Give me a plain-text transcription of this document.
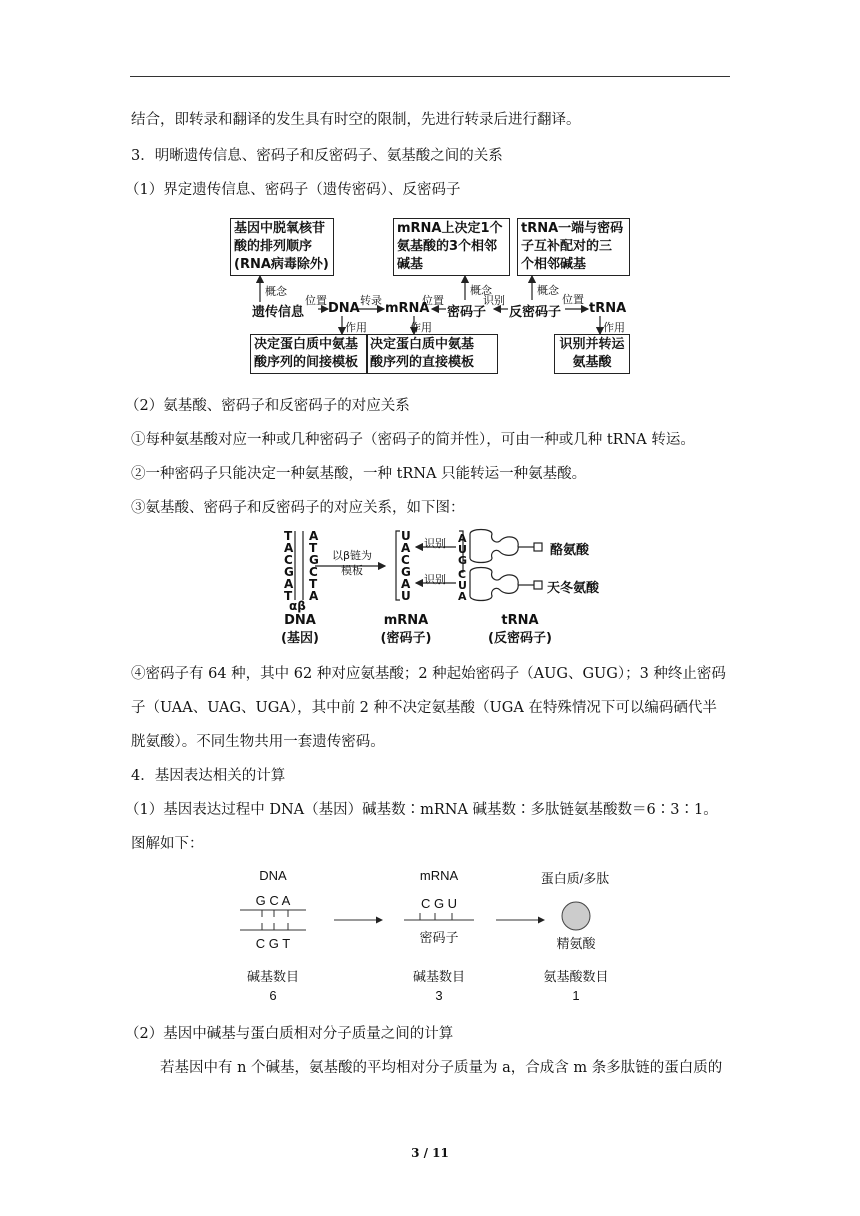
结合，即转录和翻译的发生具有时空的限制，先进行转录后进行翻译。
3．明晰遗传信息、密码子和反密码子、氨基酸之间的关系
（1）界定遗传信息、密码子（遗传密码）、反密码子
基因中脱氧核苷
酸的排列顺序
(RNA病毒除外)
mRNA上决定1个
氨基酸的3个相邻
碱基
tRNA一端与密码
子互补配对的三
个相邻碱基
概念
位置	转录	位置
概念
识别
概念
位置
作用	作用	作用
遗传信息 DNA mRNA 密码子 反密码子 tRNA
决定蛋白质中氨基
酸序列的间接模板
决定蛋白质中氨基
酸序列的直接模板
识别并转运
氨基酸
（2）氨基酸、密码子和反密码子的对应关系
①每种氨基酸对应一种或几种密码子（密码子的简并性），可由一种或几种 tRNA 转运。
②一种密码子只能决定一种氨基酸，一种 tRNA 只能转运一种氨基酸。
③氨基酸、密码子和反密码子的对应关系，如下图：
T
A
C
G
A
T
A
T
G
C
T
A
αβ
以β链为
模板
U
A
C
G
A
U
识别
识别
A
U
G
C
U
A
酪氨酸
天冬氨酸
DNA
(基因)
mRNA
(密码子)
tRNA
(反密码子)
④密码子有 64 种，其中 62 种对应氨基酸；2 种起始密码子（AUG、GUG）；3 种终止密码
子（UAA、UAG、UGA），其中前 2 种不决定氨基酸（UGA 在特殊情况下可以编码硒代半
胱氨酸）。不同生物共用一套遗传密码。
4．基因表达相关的计算
（1）基因表达过程中 DNA（基因）碱基数∶mRNA 碱基数∶多肽链氨基酸数＝6∶3∶1。
图解如下：
DNA	mRNA	蛋白质/多肽
G C A
C G T
C G U
密码子	精氨酸
碱基数目	碱基数目	氨基酸数目
6	3	1
（2）基因中碱基与蛋白质相对分子质量之间的计算
若基因中有 n 个碱基，氨基酸的平均相对分子质量为 a，合成含 m 条多肽链的蛋白质的
3 / 11
